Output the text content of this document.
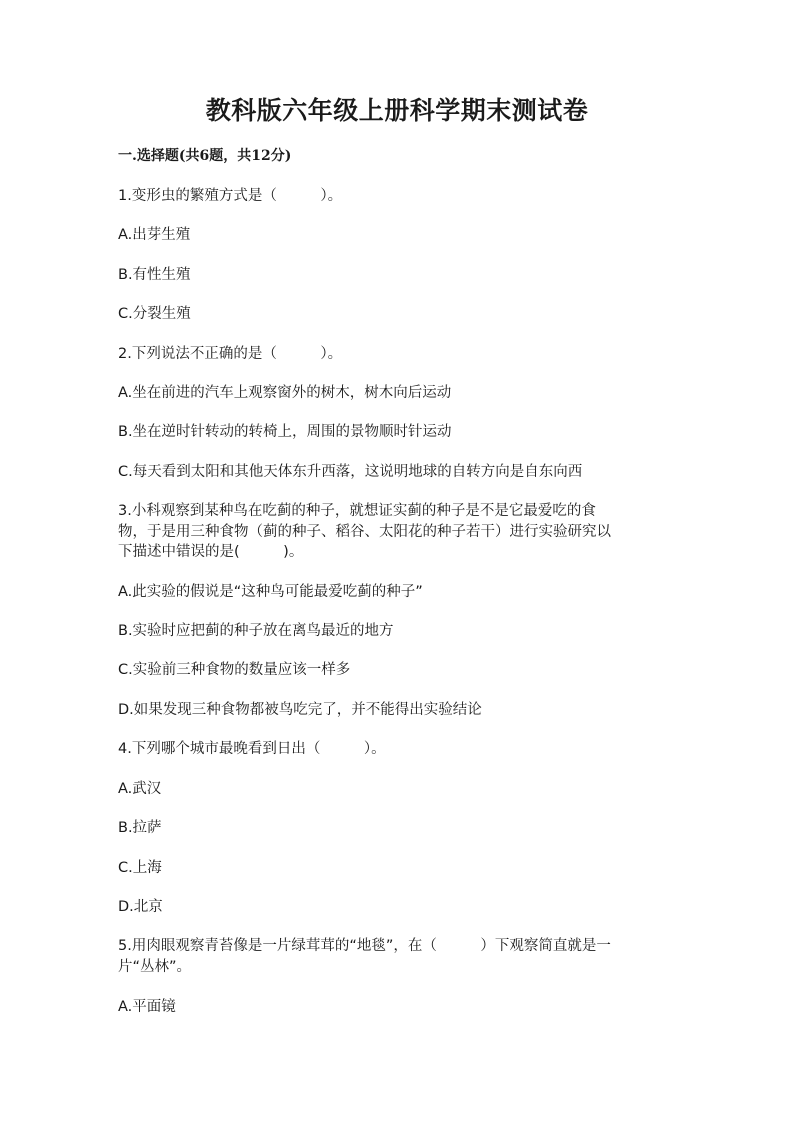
教科版六年级上册科学期末测试卷
一.选择题(共6题，共12分)
1.变形虫的繁殖方式是（　　　）。
A.出芽生殖
B.有性生殖
C.分裂生殖
2.下列说法不正确的是（　　　）。
A.坐在前进的汽车上观察窗外的树木，树木向后运动
B.坐在逆时针转动的转椅上，周围的景物顺时针运动
C.每天看到太阳和其他天体东升西落，这说明地球的自转方向是自东向西
3.小科观察到某种鸟在吃蓟的种子，就想证实蓟的种子是不是它最爱吃的食
物，于是用三种食物（蓟的种子、稻谷、太阳花的种子若干）进行实验研究以
下描述中错误的是(　　　)。
A.此实验的假说是“这种鸟可能最爱吃蓟的种子”
B.实验时应把蓟的种子放在离鸟最近的地方
C.实验前三种食物的数量应该一样多
D.如果发现三种食物都被鸟吃完了，并不能得出实验结论
4.下列哪个城市最晚看到日出（　　　）。
A.武汉
B.拉萨
C.上海
D.北京
5.用肉眼观察青苔像是一片绿茸茸的“地毯”，在（　　　）下观察简直就是一
片“丛林”。
A.平面镜
